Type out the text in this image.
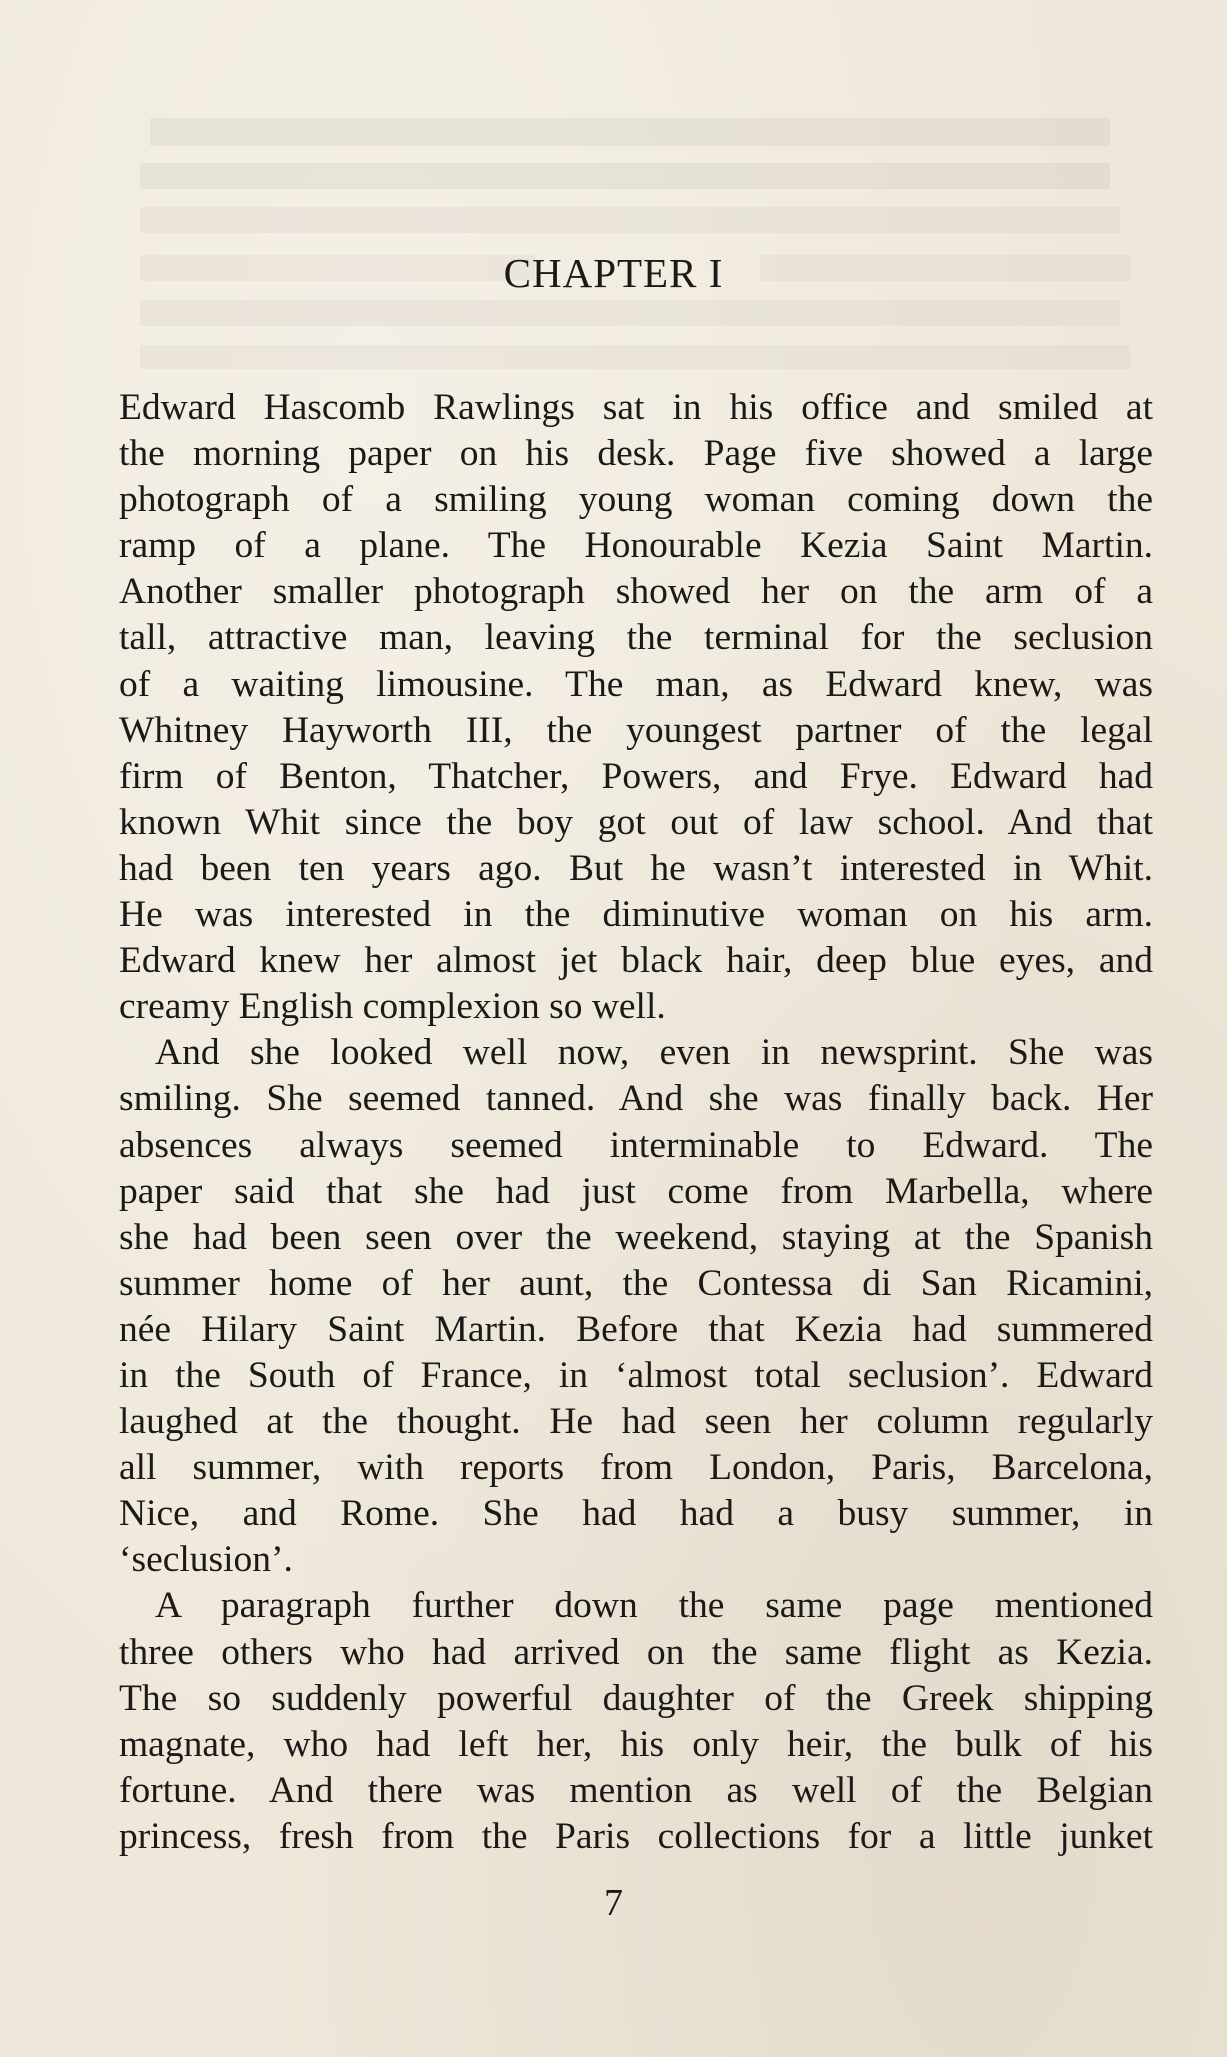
CHAPTER I

Edward Hascomb Rawlings sat in his office and smiled at
the morning paper on his desk. Page five showed a large
photograph of a smiling young woman coming down the
ramp of a plane. The Honourable Kezia Saint Martin.
Another smaller photograph showed her on the arm of a
tall, attractive man, leaving the terminal for the seclusion
of a waiting limousine. The man, as Edward knew, was
Whitney Hayworth III, the youngest partner of the legal
firm of Benton, Thatcher, Powers, and Frye. Edward had
known Whit since the boy got out of law school. And that
had been ten years ago. But he wasn’t interested in Whit.
He was interested in the diminutive woman on his arm.
Edward knew her almost jet black hair, deep blue eyes, and
creamy English complexion so well.

And she looked well now, even in newsprint. She was
smiling. She seemed tanned. And she was finally back. Her
absences always seemed interminable to Edward. The
paper said that she had just come from Marbella, where
she had been seen over the weekend, staying at the Spanish
summer home of her aunt, the Contessa di San Ricamini,
née Hilary Saint Martin. Before that Kezia had summered
in the South of France, in ‘almost total seclusion’. Edward
laughed at the thought. He had seen her column regularly
all summer, with reports from London, Paris, Barcelona,
Nice, and Rome. She had had a busy summer, in
‘seclusion’.

A paragraph further down the same page mentioned
three others who had arrived on the same flight as Kezia.
The so suddenly powerful daughter of the Greek shipping
magnate, who had left her, his only heir, the bulk of his
fortune. And there was mention as well of the Belgian
princess, fresh from the Paris collections for a little junket

7
